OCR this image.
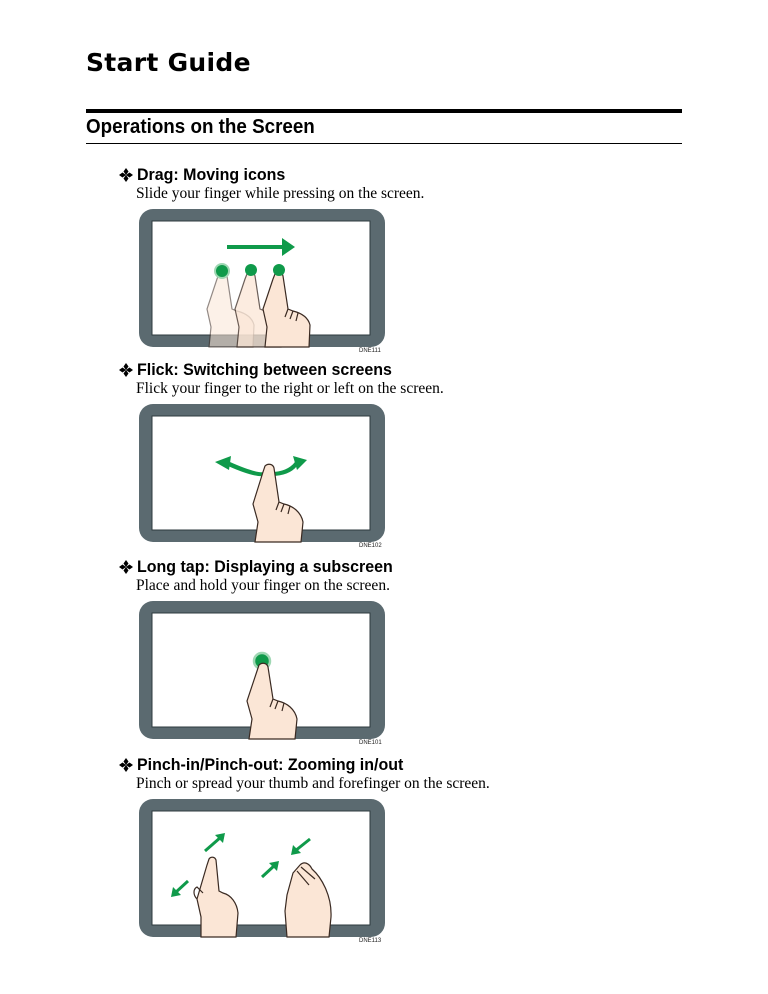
Start Guide
Operations on the Screen
Drag: Moving icons
Slide your finger while pressing on the screen.
DNE111
Flick: Switching between screens
Flick your finger to the right or left on the screen.
DNE102
Long tap: Displaying a subscreen
Place and hold your finger on the screen.
DNE101
Pinch-in/Pinch-out: Zooming in/out
Pinch or spread your thumb and forefinger on the screen.
DNE113
